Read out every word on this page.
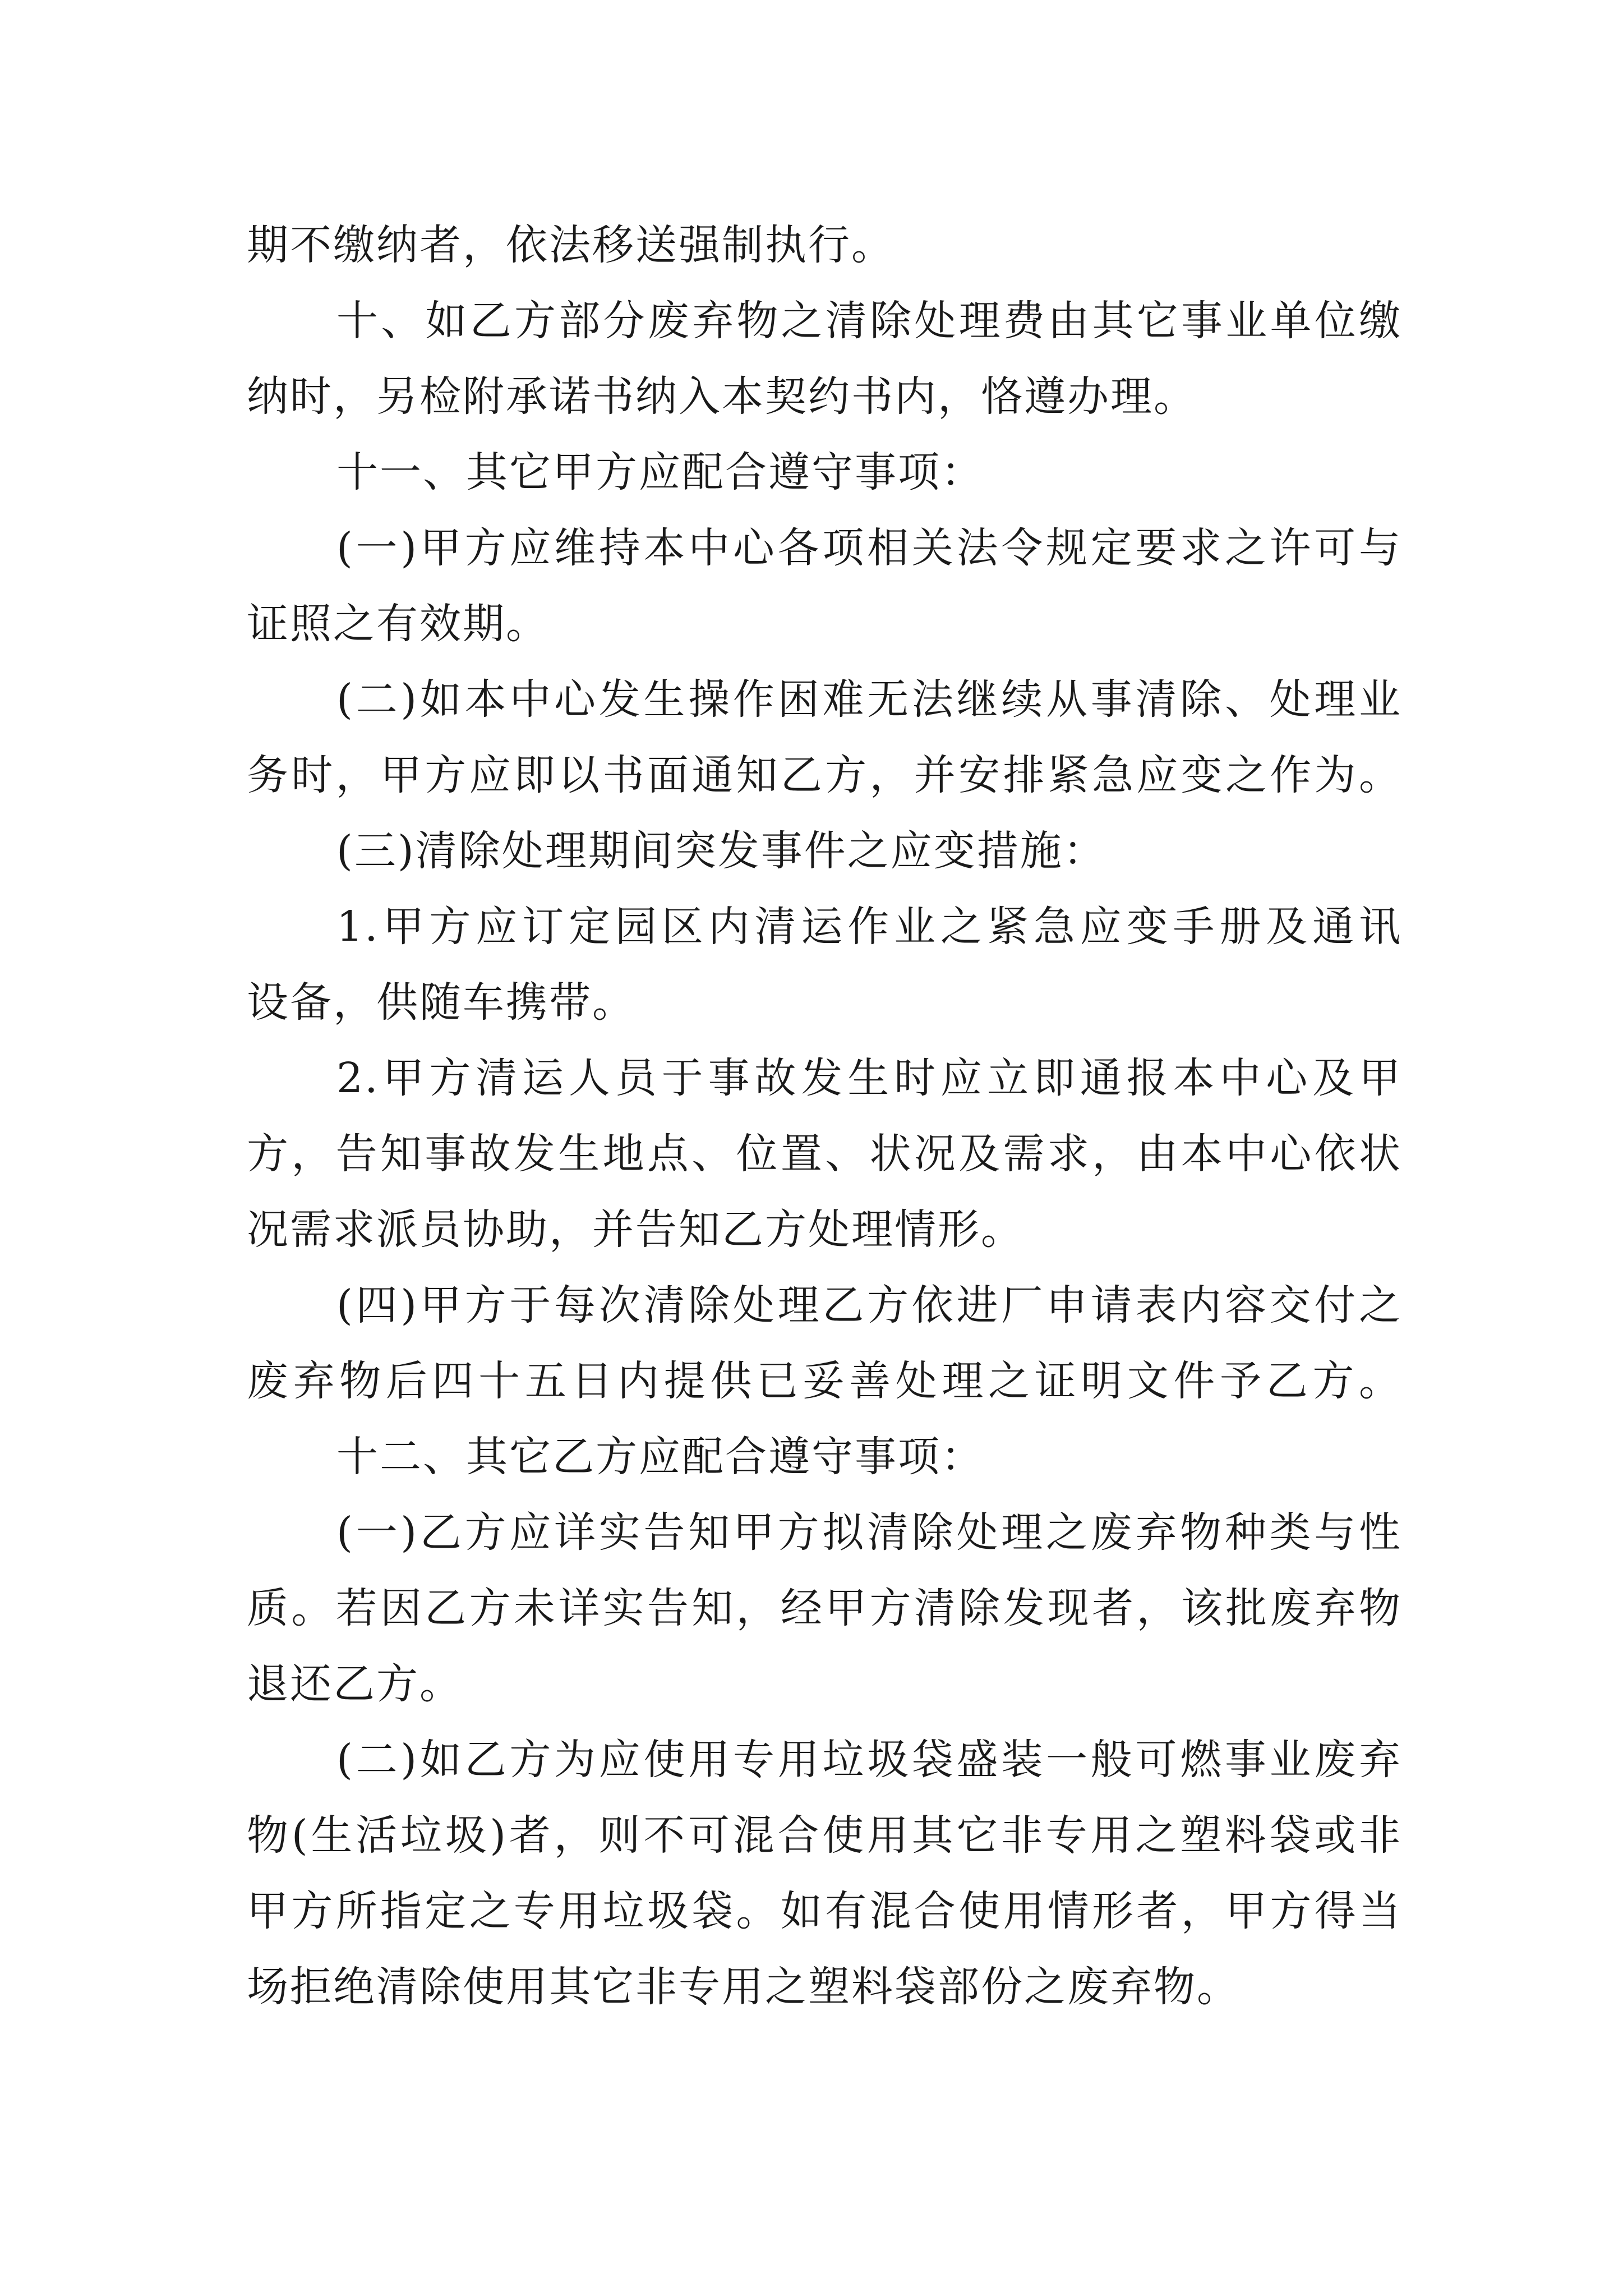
期不缴纳者，依法移送强制执行。

十、如乙方部分废弃物之清除处理费由其它事业单位缴

纳时，另检附承诺书纳入本契约书内，恪遵办理。

十一、其它甲方应配合遵守事项：

(一)甲方应维持本中心各项相关法令规定要求之许可与

证照之有效期。

(二)如本中心发生操作困难无法继续从事清除、处理业

务时，甲方应即以书面通知乙方，并安排紧急应变之作为。

(三)清除处理期间突发事件之应变措施：

1.甲方应订定园区内清运作业之紧急应变手册及通讯

设备，供随车携带。

2.甲方清运人员于事故发生时应立即通报本中心及甲

方，告知事故发生地点、位置、状况及需求，由本中心依状

况需求派员协助，并告知乙方处理情形。

(四)甲方于每次清除处理乙方依进厂申请表内容交付之

废弃物后四十五日内提供已妥善处理之证明文件予乙方。

十二、其它乙方应配合遵守事项：

(一)乙方应详实告知甲方拟清除处理之废弃物种类与性

质。若因乙方未详实告知，经甲方清除发现者，该批废弃物

退还乙方。

(二)如乙方为应使用专用垃圾袋盛装一般可燃事业废弃

物(生活垃圾)者，则不可混合使用其它非专用之塑料袋或非

甲方所指定之专用垃圾袋。如有混合使用情形者，甲方得当

场拒绝清除使用其它非专用之塑料袋部份之废弃物。
